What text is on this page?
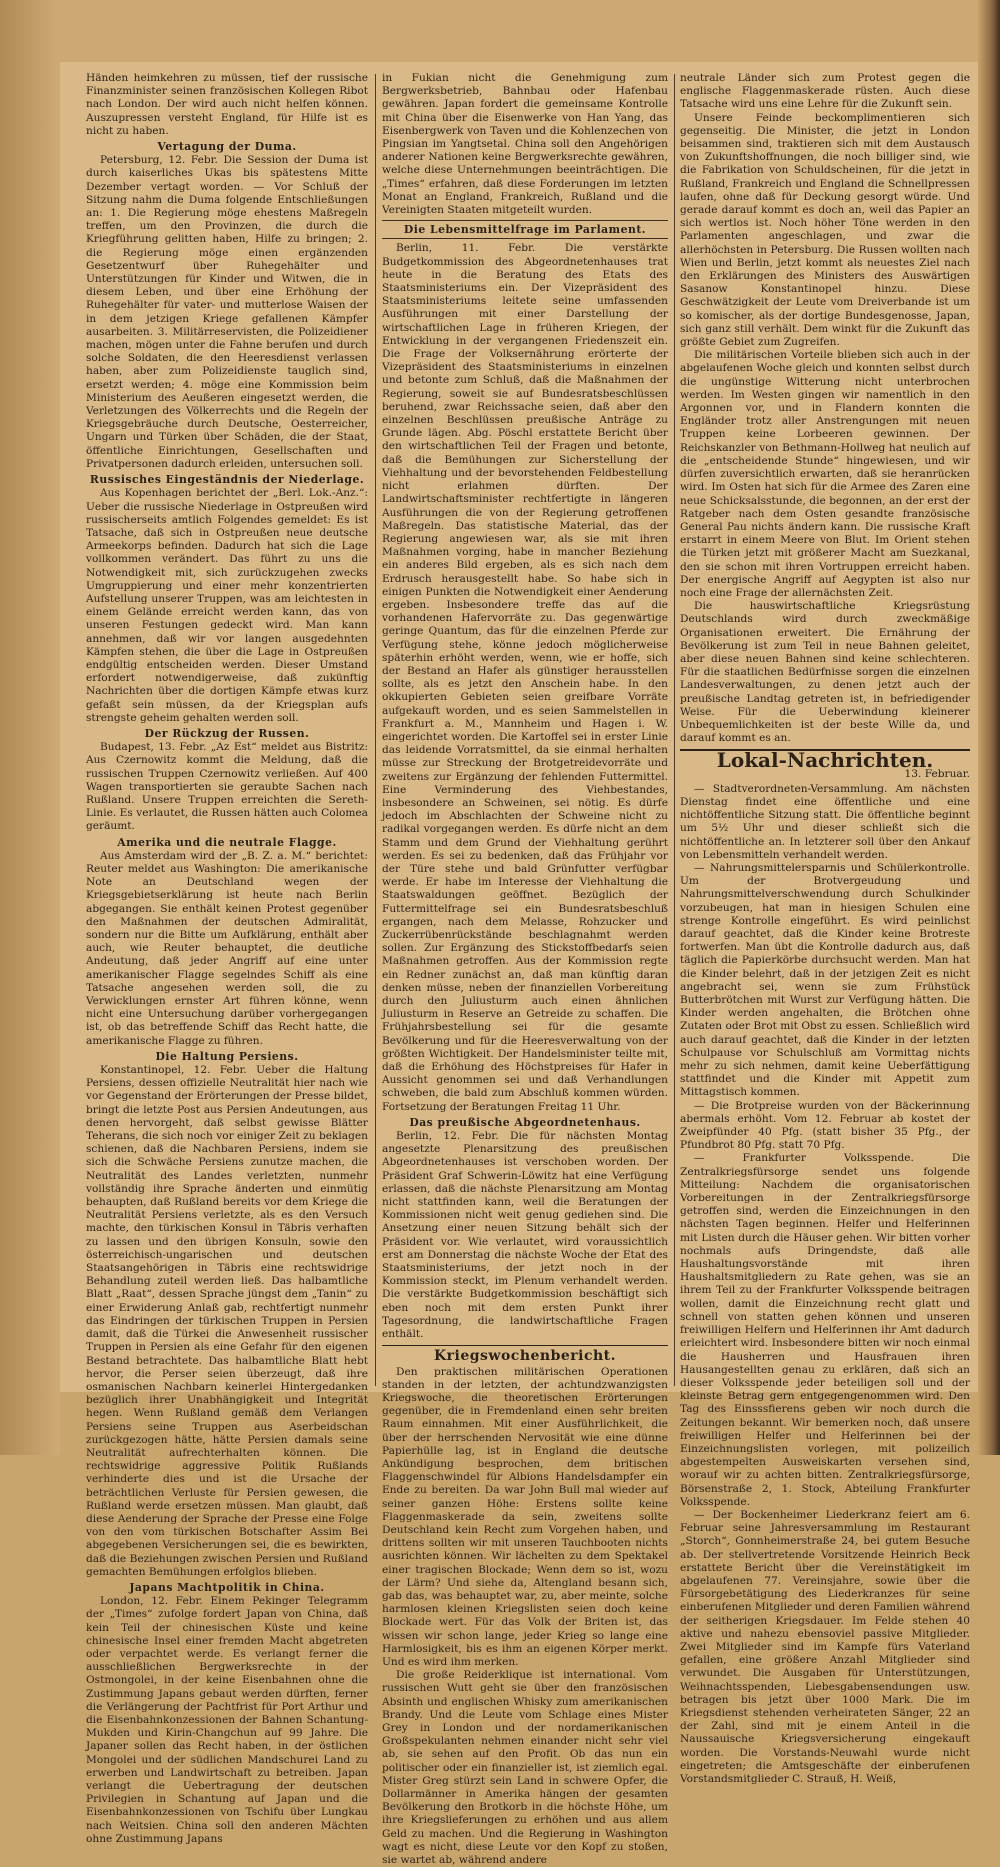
Händen heimkehren zu müssen, tief der russische Finanzminister seinen französischen Kollegen Ribot nach London. Der wird auch nicht helfen können. Auszupressen versteht England, für Hilfe ist es nicht zu haben.

Vertagung der Duma.

Petersburg, 12. Febr. Die Session der Duma ist durch kaiserliches Ukas bis spätestens Mitte Dezember vertagt worden. — Vor Schluß der Sitzung nahm die Duma folgende Entschließungen an: 1. Die Regierung möge ehestens Maßregeln treffen, um den Provinzen, die durch die Kriegführung gelitten haben, Hilfe zu bringen; 2. die Regierung möge einen ergänzenden Gesetzentwurf über Ruhegehälter und Unterstützungen für Kinder und Witwen, die in diesem Leben, und über eine Erhöhung der Ruhegehälter für vater- und mutterlose Waisen der in dem jetzigen Kriege gefallenen Kämpfer ausarbeiten. 3. Militärreservisten, die Polizeidiener machen, mögen unter die Fahne berufen und durch solche Soldaten, die den Heeresdienst verlassen haben, aber zum Polizeidienste tauglich sind, ersetzt werden; 4. möge eine Kommission beim Ministerium des Aeußeren eingesetzt werden, die Verletzungen des Völkerrechts und die Regeln der Kriegsgebräuche durch Deutsche, Oesterreicher, Ungarn und Türken über Schäden, die der Staat, öffentliche Einrichtungen, Gesellschaften und Privatpersonen dadurch erleiden, untersuchen soll.

Russisches Eingeständnis der Niederlage.

Aus Kopenhagen berichtet der „Berl. Lok.-Anz.“: Ueber die russische Niederlage in Ostpreußen wird russischerseits amtlich Folgendes gemeldet: Es ist Tatsache, daß sich in Ostpreußen neue deutsche Armeekorps befinden. Dadurch hat sich die Lage vollkommen verändert. Das führt zu uns die Notwendigkeit mit, sich zurückzugehen zwecks Umgruppierung und einer mehr konzentrierten Aufstellung unserer Truppen, was am leichtesten in einem Gelände erreicht werden kann, das von unseren Festungen gedeckt wird. Man kann annehmen, daß wir vor langen ausgedehnten Kämpfen stehen, die über die Lage in Ostpreußen endgültig entscheiden werden. Dieser Umstand erfordert notwendigerweise, daß zukünftig Nachrichten über die dortigen Kämpfe etwas kurz gefaßt sein müssen, da der Kriegsplan aufs strengste geheim gehalten werden soll.

Der Rückzug der Russen.

Budapest, 13. Febr. „Az Est“ meldet aus Bistritz: Aus Czernowitz kommt die Meldung, daß die russischen Truppen Czernowitz verließen. Auf 400 Wagen transportierten sie geraubte Sachen nach Rußland. Unsere Truppen erreichten die Sereth-Linie. Es verlautet, die Russen hätten auch Colomea geräumt.

Amerika und die neutrale Flagge.

Aus Amsterdam wird der „B. Z. a. M.“ berichtet: Reuter meldet aus Washington: Die amerikanische Note an Deutschland wegen der Kriegsgebietserklärung ist heute nach Berlin abgegangen. Sie enthält keinen Protest gegenüber den Maßnahmen der deutschen Admiralität, sondern nur die Bitte um Aufklärung, enthält aber auch, wie Reuter behauptet, die deutliche Andeutung, daß jeder Angriff auf eine unter amerikanischer Flagge segelndes Schiff als eine Tatsache angesehen werden soll, die zu Verwicklungen ernster Art führen könne, wenn nicht eine Untersuchung darüber vorhergegangen ist, ob das betreffende Schiff das Recht hatte, die amerikanische Flagge zu führen.

Die Haltung Persiens.

Konstantinopel, 12. Febr. Ueber die Haltung Persiens, dessen offizielle Neutralität hier nach wie vor Gegenstand der Erörterungen der Presse bildet, bringt die letzte Post aus Persien Andeutungen, aus denen hervorgeht, daß selbst gewisse Blätter Teherans, die sich noch vor einiger Zeit zu beklagen schienen, daß die Nachbaren Persiens, indem sie sich die Schwäche Persiens zunutze machen, die Neutralität des Landes verletzten, nunmehr vollständig ihre Sprache änderten und einmütig behaupten, daß Rußland bereits vor dem Kriege die Neutralität Persiens verletzte, als es den Versuch machte, den türkischen Konsul in Täbris verhaften zu lassen und den übrigen Konsuln, sowie den österreichisch-ungarischen und deutschen Staatsangehörigen in Täbris eine rechtswidrige Behandlung zuteil werden ließ. Das halbamtliche Blatt „Raat“, dessen Sprache jüngst dem „Tanin“ zu einer Erwiderung Anlaß gab, rechtfertigt nunmehr das Eindringen der türkischen Truppen in Persien damit, daß die Türkei die Anwesenheit russischer Truppen in Persien als eine Gefahr für den eigenen Bestand betrachtete. Das halbamtliche Blatt hebt hervor, die Perser seien überzeugt, daß ihre osmanischen Nachbarn keinerlei Hintergedanken bezüglich ihrer Unabhängigkeit und Integrität hegen. Wenn Rußland gemäß dem Verlangen Persiens seine Truppen aus Aserbeidschan zurückgezogen hätte, hätte Persien damals seine Neutralität aufrechterhalten können. Die rechtswidrige aggressive Politik Rußlands verhinderte dies und ist die Ursache der beträchtlichen Verluste für Persien gewesen, die Rußland werde ersetzen müssen. Man glaubt, daß diese Aenderung der Sprache der Presse eine Folge von den vom türkischen Botschafter Assim Bei abgegebenen Versicherungen sei, die es bewirkten, daß die Beziehungen zwischen Persien und Rußland gemachten Bemühungen erfolglos blieben.

Japans Machtpolitik in China.

London, 12. Febr. Einem Pekinger Telegramm der „Times“ zufolge fordert Japan von China, daß kein Teil der chinesischen Küste und keine chinesische Insel einer fremden Macht abgetreten oder verpachtet werde. Es verlangt ferner die ausschließlichen Bergwerksrechte in der Ostmongolei, in der keine Eisenbahnen ohne die Zustimmung Japans gebaut werden dürften, ferner die Verlängerung der Pachtfrist für Port Arthur und die Eisenbahnkonzessionen der Bahnen Schantung-Mukden und Kirin-Changchun auf 99 Jahre. Die Japaner sollen das Recht haben, in der östlichen Mongolei und der südlichen Mandschurei Land zu erwerben und Landwirtschaft zu betreiben. Japan verlangt die Uebertragung der deutschen Privilegien in Schantung auf Japan und die Eisenbahnkonzessionen von Tschifu über Lungkau nach Weitsien. China soll den anderen Mächten ohne Zustimmung Japans

in Fukian nicht die Genehmigung zum Bergwerksbetrieb, Bahnbau oder Hafenbau gewähren. Japan fordert die gemeinsame Kontrolle mit China über die Eisenwerke von Han Yang, das Eisenbergwerk von Taven und die Kohlenzechen von Pingsian im Yangtsetal. China soll den Angehörigen anderer Nationen keine Bergwerksrechte gewähren, welche diese Unternehmungen beeinträchtigen. Die „Times“ erfahren, daß diese Forderungen im letzten Monat an England, Frankreich, Rußland und die Vereinigten Staaten mitgeteilt wurden.

Die Lebensmittelfrage im Parlament.

Berlin, 11. Febr. Die verstärkte Budgetkommission des Abgeordnetenhauses trat heute in die Beratung des Etats des Staatsministeriums ein. Der Vizepräsident des Staatsministeriums leitete seine umfassenden Ausführungen mit einer Darstellung der wirtschaftlichen Lage in früheren Kriegen, der Entwicklung in der vergangenen Friedenszeit ein. Die Frage der Volksernährung erörterte der Vizepräsident des Staatsministeriums in einzelnen und betonte zum Schluß, daß die Maßnahmen der Regierung, soweit sie auf Bundesratsbeschlüssen beruhend, zwar Reichssache seien, daß aber den einzelnen Beschlüssen preußische Anträge zu Grunde lägen. Abg. Pöschl erstattete Bericht über den wirtschaftlichen Teil der Fragen und betonte, daß die Bemühungen zur Sicherstellung der Viehhaltung und der bevorstehenden Feldbestellung nicht erlahmen dürften. Der Landwirtschaftsminister rechtfertigte in längeren Ausführungen die von der Regierung getroffenen Maßregeln. Das statistische Material, das der Regierung angewiesen war, als sie mit ihren Maßnahmen vorging, habe in mancher Beziehung ein anderes Bild ergeben, als es sich nach dem Erdrusch herausgestellt habe. So habe sich in einigen Punkten die Notwendigkeit einer Aenderung ergeben. Insbesondere treffe das auf die vorhandenen Hafervorräte zu. Das gegenwärtige geringe Quantum, das für die einzelnen Pferde zur Verfügung stehe, könne jedoch möglicherweise späterhin erhöht werden, wenn, wie er hoffe, sich der Bestand an Hafer als günstiger herausstellen sollte, als es jetzt den Anschein habe. In den okkupierten Gebieten seien greifbare Vorräte aufgekauft worden, und es seien Sammelstellen in Frankfurt a. M., Mannheim und Hagen i. W. eingerichtet worden. Die Kartoffel sei in erster Linie das leidende Vorratsmittel, da sie einmal herhalten müsse zur Streckung der Brotgetreidevorräte und zweitens zur Ergänzung der fehlenden Futtermittel. Eine Verminderung des Viehbestandes, insbesondere an Schweinen, sei nötig. Es dürfe jedoch im Abschlachten der Schweine nicht zu radikal vorgegangen werden. Es dürfe nicht an dem Stamm und dem Grund der Viehhaltung gerührt werden. Es sei zu bedenken, daß das Frühjahr vor der Türe stehe und bald Grünfutter verfügbar werde. Er habe im Interesse der Viehhaltung die Staatswaldungen geöffnet. Bezüglich der Futtermittelfrage sei ein Bundesratsbeschluß ergangen, nach dem Melasse, Rohzucker und Zuckerrübenrückstände beschlagnahmt werden sollen. Zur Ergänzung des Stickstoffbedarfs seien Maßnahmen getroffen. Aus der Kommission regte ein Redner zunächst an, daß man künftig daran denken müsse, neben der finanziellen Vorbereitung durch den Juliusturm auch einen ähnlichen Juliusturm in Reserve an Getreide zu schaffen. Die Frühjahrsbestellung sei für die gesamte Bevölkerung und für die Heeresverwaltung von der größten Wichtigkeit. Der Handelsminister teilte mit, daß die Erhöhung des Höchstpreises für Hafer in Aussicht genommen sei und daß Verhandlungen schweben, die bald zum Abschluß kommen würden. Fortsetzung der Beratungen Freitag 11 Uhr.

Das preußische Abgeordnetenhaus.

Berlin, 12. Febr. Die für nächsten Montag angesetzte Plenarsitzung des preußischen Abgeordnetenhauses ist verschoben worden. Der Präsident Graf Schwerin-Löwitz hat eine Verfügung erlassen, daß die nächste Plenarsitzung am Montag nicht stattfinden kann, weil die Beratungen der Kommissionen nicht weit genug gediehen sind. Die Ansetzung einer neuen Sitzung behält sich der Präsident vor. Wie verlautet, wird voraussichtlich erst am Donnerstag die nächste Woche der Etat des Staatsministeriums, der jetzt noch in der Kommission steckt, im Plenum verhandelt werden. Die verstärkte Budgetkommission beschäftigt sich eben noch mit dem ersten Punkt ihrer Tagesordnung, die landwirtschaftliche Fragen enthält.

Kriegswochenbericht.

Den praktischen militärischen Operationen standen in der letzten, der achtundzwanzigsten Kriegswoche, die theoretischen Erörterungen gegenüber, die in Fremdenland einen sehr breiten Raum einnahmen. Mit einer Ausführlichkeit, die über der herrschenden Nervosität wie eine dünne Papierhülle lag, ist in England die deutsche Ankündigung besprochen, dem britischen Flaggenschwindel für Albions Handelsdampfer ein Ende zu bereiten. Da war John Bull mal wieder auf seiner ganzen Höhe: Erstens sollte keine Flaggenmaskerade da sein, zweitens sollte Deutschland kein Recht zum Vorgehen haben, und drittens sollten wir mit unseren Tauchbooten nichts ausrichten können. Wir lächelten zu dem Spektakel einer tragischen Blockade; Wenn dem so ist, wozu der Lärm? Und siehe da, Altengland besann sich, gab das, was behauptet war, zu, aber meinte, solche harmlosen kleinen Kriegslisten seien doch keine Blockade wert. Für das Volk der Briten ist, das wissen wir schon lange, jeder Krieg so lange eine Harmlosigkeit, bis es ihm an eigenen Körper merkt. Und es wird ihm merken.

Die große Reiderklique ist international. Vom russischen Wutt geht sie über den französischen Absinth und englischen Whisky zum amerikanischen Brandy. Und die Leute vom Schlage eines Mister Grey in London und der nordamerikanischen Großspekulanten nehmen einander nicht sehr viel ab, sie sehen auf den Profit. Ob das nun ein politischer oder ein finanzieller ist, ist ziemlich egal. Mister Greg stürzt sein Land in schwere Opfer, die Dollarmänner in Amerika hängen der gesamten Bevölkerung den Brotkorb in die höchste Höhe, um ihre Kriegslieferungen zu erhöhen und aus allem Geld zu machen. Und die Regierung in Washington wagt es nicht, diese Leute vor den Kopf zu stoßen, sie wartet ab, während andere

neutrale Länder sich zum Protest gegen die englische Flaggenmaskerade rüsten. Auch diese Tatsache wird uns eine Lehre für die Zukunft sein.

Unsere Feinde beckomplimentieren sich gegenseitig. Die Minister, die jetzt in London beisammen sind, traktieren sich mit dem Austausch von Zukunftshoffnungen, die noch billiger sind, wie die Fabrikation von Schuldscheinen, für die jetzt in Rußland, Frankreich und England die Schnellpressen laufen, ohne daß für Deckung gesorgt würde. Und gerade darauf kommt es doch an, weil das Papier an sich wertlos ist. Noch höher Töne werden in den Parlamenten angeschlagen, und zwar die allerhöchsten in Petersburg. Die Russen wollten nach Wien und Berlin, jetzt kommt als neuestes Ziel nach den Erklärungen des Ministers des Auswärtigen Sasanow Konstantinopel hinzu. Diese Geschwätzigkeit der Leute vom Dreiverbande ist um so komischer, als der dortige Bundesgenosse, Japan, sich ganz still verhält. Dem winkt für die Zukunft das größte Gebiet zum Zugreifen.

Die militärischen Vorteile blieben sich auch in der abgelaufenen Woche gleich und konnten selbst durch die ungünstige Witterung nicht unterbrochen werden. Im Westen gingen wir namentlich in den Argonnen vor, und in Flandern konnten die Engländer trotz aller Anstrengungen mit neuen Truppen keine Lorbeeren gewinnen. Der Reichskanzler von Bethmann-Hollweg hat neulich auf die „entscheidende Stunde“ hingewiesen, und wir dürfen zuversichtlich erwarten, daß sie heranrücken wird. Im Osten hat sich für die Armee des Zaren eine neue Schicksalsstunde, die begonnen, an der erst der Ratgeber nach dem Osten gesandte französische General Pau nichts ändern kann. Die russische Kraft erstarrt in einem Meere von Blut. Im Orient stehen die Türken jetzt mit größerer Macht am Suezkanal, den sie schon mit ihren Vortruppen erreicht haben. Der energische Angriff auf Aegypten ist also nur noch eine Frage der allernächsten Zeit.

Die hauswirtschaftliche Kriegsrüstung Deutschlands wird durch zweckmäßige Organisationen erweitert. Die Ernährung der Bevölkerung ist zum Teil in neue Bahnen geleitet, aber diese neuen Bahnen sind keine schlechteren. Für die staatlichen Bedürfnisse sorgen die einzelnen Landesverwaltungen, zu denen jetzt auch der preußische Landtag getreten ist, in befriedigender Weise. Für die Ueberwindung kleinerer Unbequemlichkeiten ist der beste Wille da, und darauf kommt es an.

Lokal-Nachrichten.
13. Februar.

— Stadtverordneten-Versammlung. Am nächsten Dienstag findet eine öffentliche und eine nichtöffentliche Sitzung statt. Die öffentliche beginnt um 5½ Uhr und dieser schließt sich die nichtöffentliche an. In letzterer soll über den Ankauf von Lebensmitteln verhandelt werden.

— Nahrungsmittelersparnis und Schülerkontrolle. Um der Brotvergeudung und Nahrungsmittelverschwendung durch Schulkinder vorzubeugen, hat man in hiesigen Schulen eine strenge Kontrolle eingeführt. Es wird peinlichst darauf geachtet, daß die Kinder keine Brotreste fortwerfen. Man übt die Kontrolle dadurch aus, daß täglich die Papierkörbe durchsucht werden. Man hat die Kinder belehrt, daß in der jetzigen Zeit es nicht angebracht sei, wenn sie zum Frühstück Butterbrötchen mit Wurst zur Verfügung hätten. Die Kinder werden angehalten, die Brötchen ohne Zutaten oder Brot mit Obst zu essen. Schließlich wird auch darauf geachtet, daß die Kinder in der letzten Schulpause vor Schulschluß am Vormittag nichts mehr zu sich nehmen, damit keine Ueberfättigung stattfindet und die Kinder mit Appetit zum Mittagstisch kommen.

— Die Brotpreise wurden von der Bäckerinnung abermals erhöht. Vom 12. Februar ab kostet der Zweipfünder 40 Pfg. (statt bisher 35 Pfg., der Pfundbrot 80 Pfg. statt 70 Pfg.

— Frankfurter Volksspende. Die Zentralkriegsfürsorge sendet uns folgende Mitteilung: Nachdem die organisatorischen Vorbereitungen in der Zentralkriegsfürsorge getroffen sind, werden die Einzeichnungen in den nächsten Tagen beginnen. Helfer und Helferinnen mit Listen durch die Häuser gehen. Wir bitten vorher nochmals aufs Dringendste, daß alle Haushaltungsvorstände mit ihren Haushaltsmitgliedern zu Rate gehen, was sie an ihrem Teil zu der Frankfurter Volksspende beitragen wollen, damit die Einzeichnung recht glatt und schnell von statten gehen können und unseren freiwilligen Helfern und Helferinnen ihr Amt dadurch erleichtert wird. Insbesondere bitten wir noch einmal die Hausherren und Hausfrauen ihren Hausangestellten genau zu erklären, daß sich an dieser Volksspende jeder beteiligen soll und der kleinste Betrag gern entgegengenommen wird. Den Tag des Einsssfierens geben wir noch durch die Zeitungen bekannt. Wir bemerken noch, daß unsere freiwilligen Helfer und Helferinnen bei der Einzeichnungslisten vorlegen, mit polizeilich abgestempelten Ausweiskarten versehen sind, worauf wir zu achten bitten. Zentralkriegsfürsorge, Börsenstraße 2, 1. Stock, Abteilung Frankfurter Volksspende.

— Der Bockenheimer Liederkranz feiert am 6. Februar seine Jahresversammlung im Restaurant „Storch“, Gonnheimerstraße 24, bei gutem Besuche ab. Der stellvertretende Vorsitzende Heinrich Beck erstattete Bericht über die Vereinstätigkeit im abgelaufenen 77. Vereinsjahre, sowie über die Fürsorgebetätigung des Liederkranzes für seine einberufenen Mitglieder und deren Familien während der seitherigen Kriegsdauer. Im Felde stehen 40 aktive und nahezu ebensoviel passive Mitglieder. Zwei Mitglieder sind im Kampfe fürs Vaterland gefallen, eine größere Anzahl Mitglieder sind verwundet. Die Ausgaben für Unterstützungen, Weihnachtsspenden, Liebesgabensendungen usw. betragen bis jetzt über 1000 Mark. Die im Kriegsdienst stehenden verheirateten Sänger, 22 an der Zahl, sind mit je einem Anteil in die Naussauische Kriegsversicherung eingekauft worden. Die Vorstands-Neuwahl wurde nicht eingetreten; die Amtsgeschäfte der einberufenen Vorstandsmitglieder C. Strauß, H. Weiß,
